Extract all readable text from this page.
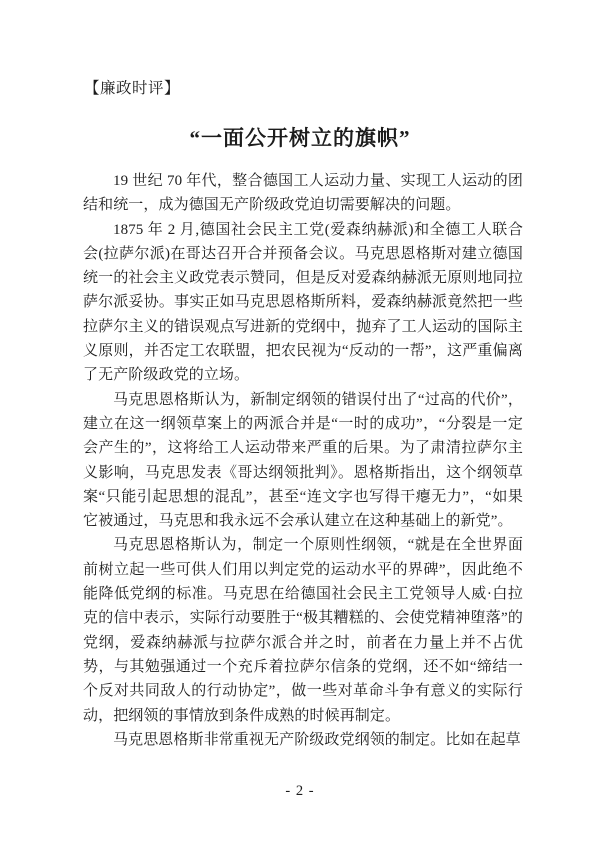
【廉政时评】
“一面公开树立的旗帜”

19 世纪 70 年代，整合德国工人运动力量、实现工人运动的团结和统一，成为德国无产阶级政党迫切需要解决的问题。

1875 年 2 月,德国社会民主工党(爱森纳赫派)和全德工人联合会(拉萨尔派)在哥达召开合并预备会议。马克思恩格斯对建立德国统一的社会主义政党表示赞同，但是反对爱森纳赫派无原则地同拉萨尔派妥协。事实正如马克思恩格斯所料，爱森纳赫派竟然把一些拉萨尔主义的错误观点写进新的党纲中，抛弃了工人运动的国际主义原则，并否定工农联盟，把农民视为“反动的一帮”，这严重偏离了无产阶级政党的立场。

马克思恩格斯认为，新制定纲领的错误付出了“过高的代价”，建立在这一纲领草案上的两派合并是“一时的成功”，“分裂是一定会产生的”，这将给工人运动带来严重的后果。为了肃清拉萨尔主义影响，马克思发表《哥达纲领批判》。恩格斯指出，这个纲领草案“只能引起思想的混乱”，甚至“连文字也写得干瘪无力”，“如果它被通过，马克思和我永远不会承认建立在这种基础上的新党”。

马克思恩格斯认为，制定一个原则性纲领，“就是在全世界面前树立起一些可供人们用以判定党的运动水平的界碑”，因此绝不能降低党纲的标准。马克思在给德国社会民主工党领导人威·白拉克的信中表示，实际行动要胜于“极其糟糕的、会使党精神堕落”的党纲，爱森纳赫派与拉萨尔派合并之时，前者在力量上并不占优势，与其勉强通过一个充斥着拉萨尔信条的党纲，还不如“缔结一个反对共同敌人的行动协定”，做一些对革命斗争有意义的实际行动，把纲领的事情放到条件成熟的时候再制定。

马克思恩格斯非常重视无产阶级政党纲领的制定。比如在起草

- 2 -
